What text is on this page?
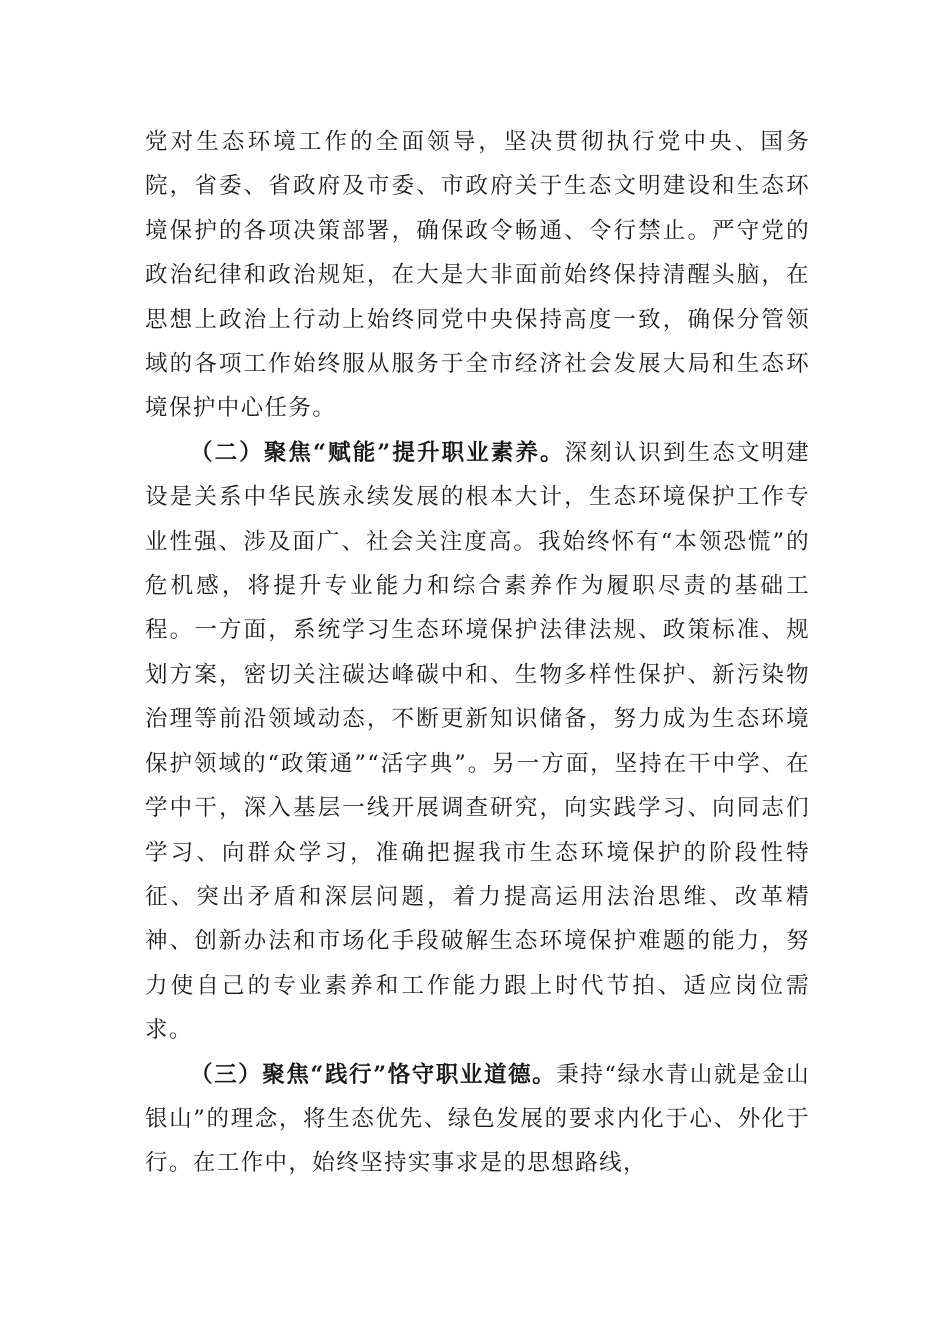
党对生态环境工作的全面领导，坚决贯彻执行党中央、国务院，省委、省政府及市委、市政府关于生态文明建设和生态环境保护的各项决策部署，确保政令畅通、令行禁止。严守党的政治纪律和政治规矩，在大是大非面前始终保持清醒头脑，在思想上政治上行动上始终同党中央保持高度一致，确保分管领域的各项工作始终服从服务于全市经济社会发展大局和生态环境保护中心任务。

（二）聚焦“赋能”提升职业素养。深刻认识到生态文明建设是关系中华民族永续发展的根本大计，生态环境保护工作专业性强、涉及面广、社会关注度高。我始终怀有“本领恐慌”的危机感，将提升专业能力和综合素养作为履职尽责的基础工程。一方面，系统学习生态环境保护法律法规、政策标准、规划方案，密切关注碳达峰碳中和、生物多样性保护、新污染物治理等前沿领域动态，不断更新知识储备，努力成为生态环境保护领域的“政策通”“活字典”。另一方面，坚持在干中学、在学中干，深入基层一线开展调查研究，向实践学习、向同志们学习、向群众学习，准确把握我市生态环境保护的阶段性特征、突出矛盾和深层问题，着力提高运用法治思维、改革精神、创新办法和市场化手段破解生态环境保护难题的能力，努力使自己的专业素养和工作能力跟上时代节拍、适应岗位需求。

（三）聚焦“践行”恪守职业道德。秉持“绿水青山就是金山银山”的理念，将生态优先、绿色发展的要求内化于心、外化于行。在工作中，始终坚持实事求是的思想路线，
